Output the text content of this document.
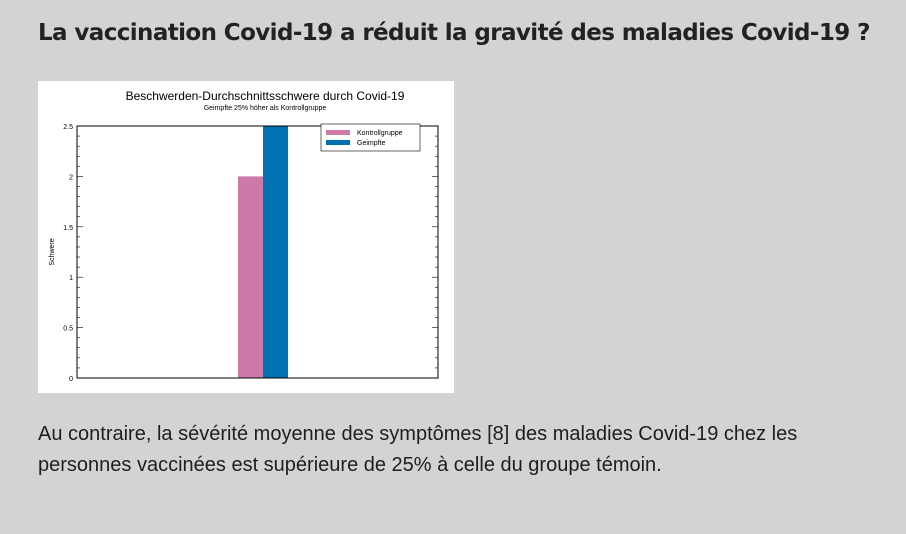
La vaccination Covid-19 a réduit la gravité des maladies Covid-19 ?
Beschwerden-Durchschnittsschwere durch Covid-19
Geimpfte 25% höher als Kontrollgruppe
Schwere
0
0.5
1
1.5
2
2.5
Kontrollgruppe
Geimpfte
Au contraire, la sévérité moyenne des symptômes [8] des maladies Covid-19 chez les personnes vaccinées est supérieure de 25% à celle du groupe témoin.
